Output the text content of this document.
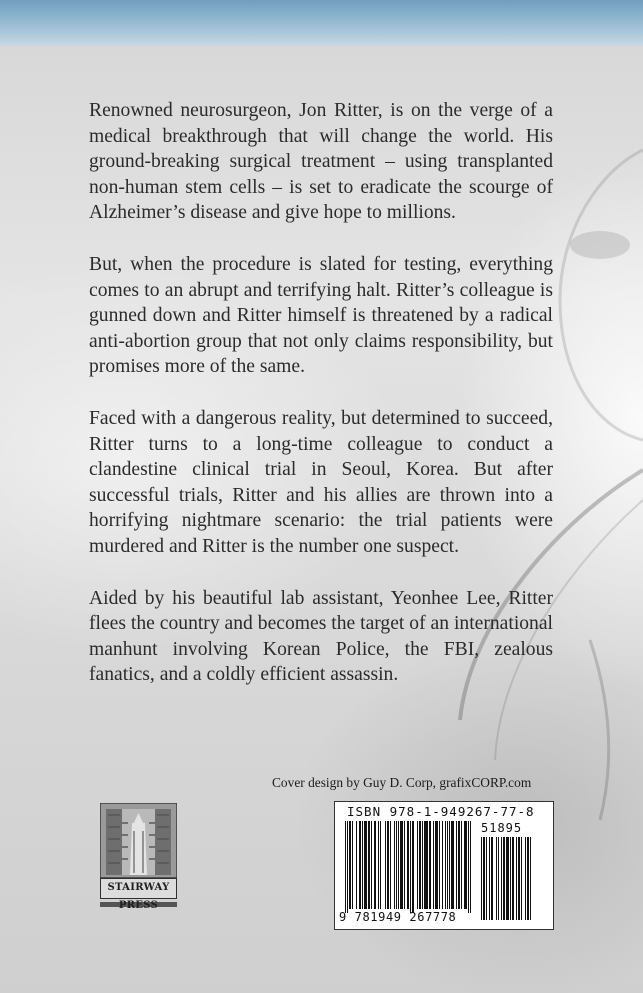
Renowned neurosurgeon, Jon Ritter, is on the verge of a medical breakthrough that will change the world. His ground-breaking surgical treatment – using transplanted non-human stem cells – is set to eradicate the scourge of Alzheimer’s disease and give hope to millions.

But, when the procedure is slated for testing, everything comes to an abrupt and terrifying halt. Ritter’s colleague is gunned down and Ritter himself is threatened by a radical anti-abortion group that not only claims responsibility, but promises more of the same.

Faced with a dangerous reality, but determined to succeed, Ritter turns to a long-time colleague to conduct a clandestine clinical trial in Seoul, Korea. But after successful trials, Ritter and his allies are thrown into a horrifying nightmare scenario: the trial patients were murdered and Ritter is the number one suspect.

Aided by his beautiful lab assistant, Yeonhee Lee, Ritter flees the country and becomes the target of an international manhunt involving Korean Police, the FBI, zealous fanatics, and a coldly efficient assassin.

Cover design by Guy D. Corp, grafixCORP.com
ISBN 978-1-949267-77-8
51895
9 781949 267778
STAIRWAY PRESS
